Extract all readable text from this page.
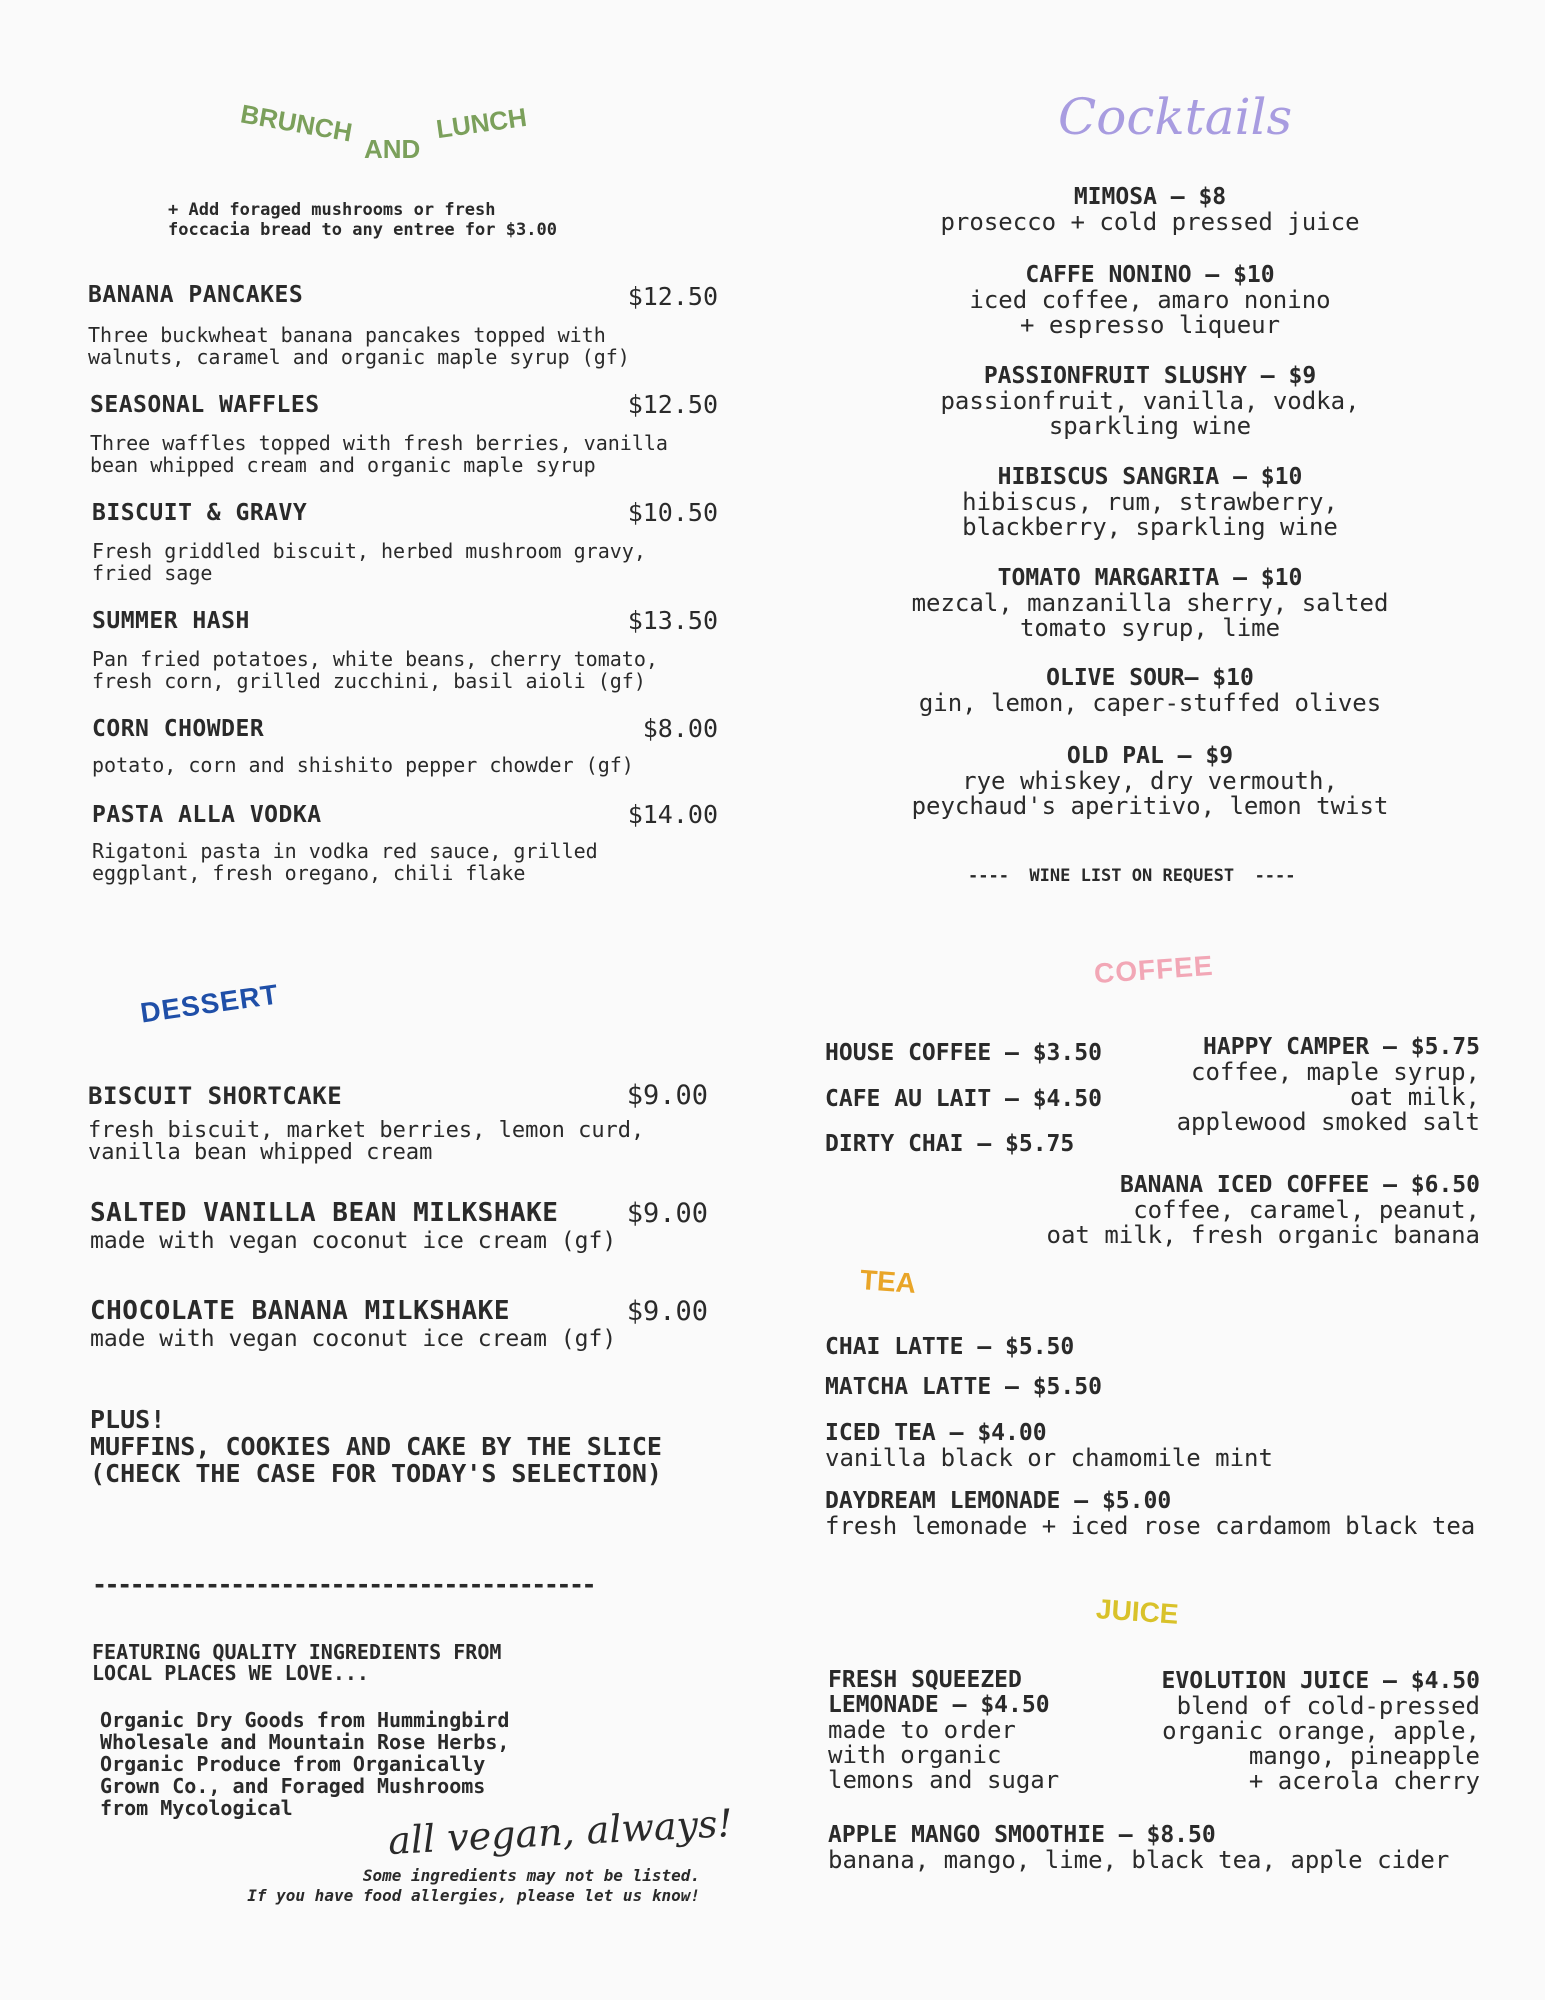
BRUNCH
AND
LUNCH
+ Add foraged mushrooms or fresh
foccacia bread to any entree for $3.00
BANANA PANCAKES	$12.50
Three buckwheat banana pancakes topped with
walnuts, caramel and organic maple syrup (gf)
SEASONAL WAFFLES	$12.50
Three waffles topped with fresh berries, vanilla
bean whipped cream and organic maple syrup
BISCUIT & GRAVY	$10.50
Fresh griddled biscuit, herbed mushroom gravy,
fried sage
SUMMER HASH	$13.50
Pan fried potatoes, white beans, cherry tomato,
fresh corn, grilled zucchini, basil aioli (gf)
CORN CHOWDER	$8.00
potato, corn and shishito pepper chowder (gf)
PASTA ALLA VODKA	$14.00
Rigatoni pasta in vodka red sauce, grilled
eggplant, fresh oregano, chili flake
DESSERT
BISCUIT SHORTCAKE	$9.00
fresh biscuit, market berries, lemon curd,
vanilla bean whipped cream
SALTED VANILLA BEAN MILKSHAKE	$9.00
made with vegan coconut ice cream (gf)
CHOCOLATE BANANA MILKSHAKE	$9.00
made with vegan coconut ice cream (gf)
PLUS!
MUFFINS, COOKIES AND CAKE BY THE SLICE
(CHECK THE CASE FOR TODAY'S SELECTION)
----------------------------------------
FEATURING QUALITY INGREDIENTS FROM
LOCAL PLACES WE LOVE...
Organic Dry Goods from Hummingbird
Wholesale and Mountain Rose Herbs,
Organic Produce from Organically
Grown Co., and Foraged Mushrooms
from Mycological	all vegan, always!
Some ingredients may not be listed.
If you have food allergies, please let us know!
Cocktails
MIMOSA – $8
prosecco + cold pressed juice
CAFFE NONINO – $10
iced coffee, amaro nonino
+ espresso liqueur
PASSIONFRUIT SLUSHY – $9
passionfruit, vanilla, vodka,
sparkling wine
HIBISCUS SANGRIA – $10
hibiscus, rum, strawberry,
blackberry, sparkling wine
TOMATO MARGARITA – $10
mezcal, manzanilla sherry, salted
tomato syrup, lime
OLIVE SOUR– $10
gin, lemon, caper-stuffed olives
OLD PAL – $9
rye whiskey, dry vermouth,
peychaud's aperitivo, lemon twist
----  WINE LIST ON REQUEST  ----
COFFEE
HOUSE COFFEE – $3.50
CAFE AU LAIT – $4.50
DIRTY CHAI – $5.75
HAPPY CAMPER – $5.75
coffee, maple syrup,
oat milk,
applewood smoked salt
BANANA ICED COFFEE – $6.50
coffee, caramel, peanut,
oat milk, fresh organic banana
TEA
CHAI LATTE – $5.50
MATCHA LATTE – $5.50
ICED TEA – $4.00
vanilla black or chamomile mint
DAYDREAM LEMONADE – $5.00
fresh lemonade + iced rose cardamom black tea
JUICE
FRESH SQUEEZED
LEMONADE – $4.50
made to order
with organic
lemons and sugar
EVOLUTION JUICE – $4.50
blend of cold-pressed
organic orange, apple,
mango, pineapple
+ acerola cherry
APPLE MANGO SMOOTHIE – $8.50
banana, mango, lime, black tea, apple cider
